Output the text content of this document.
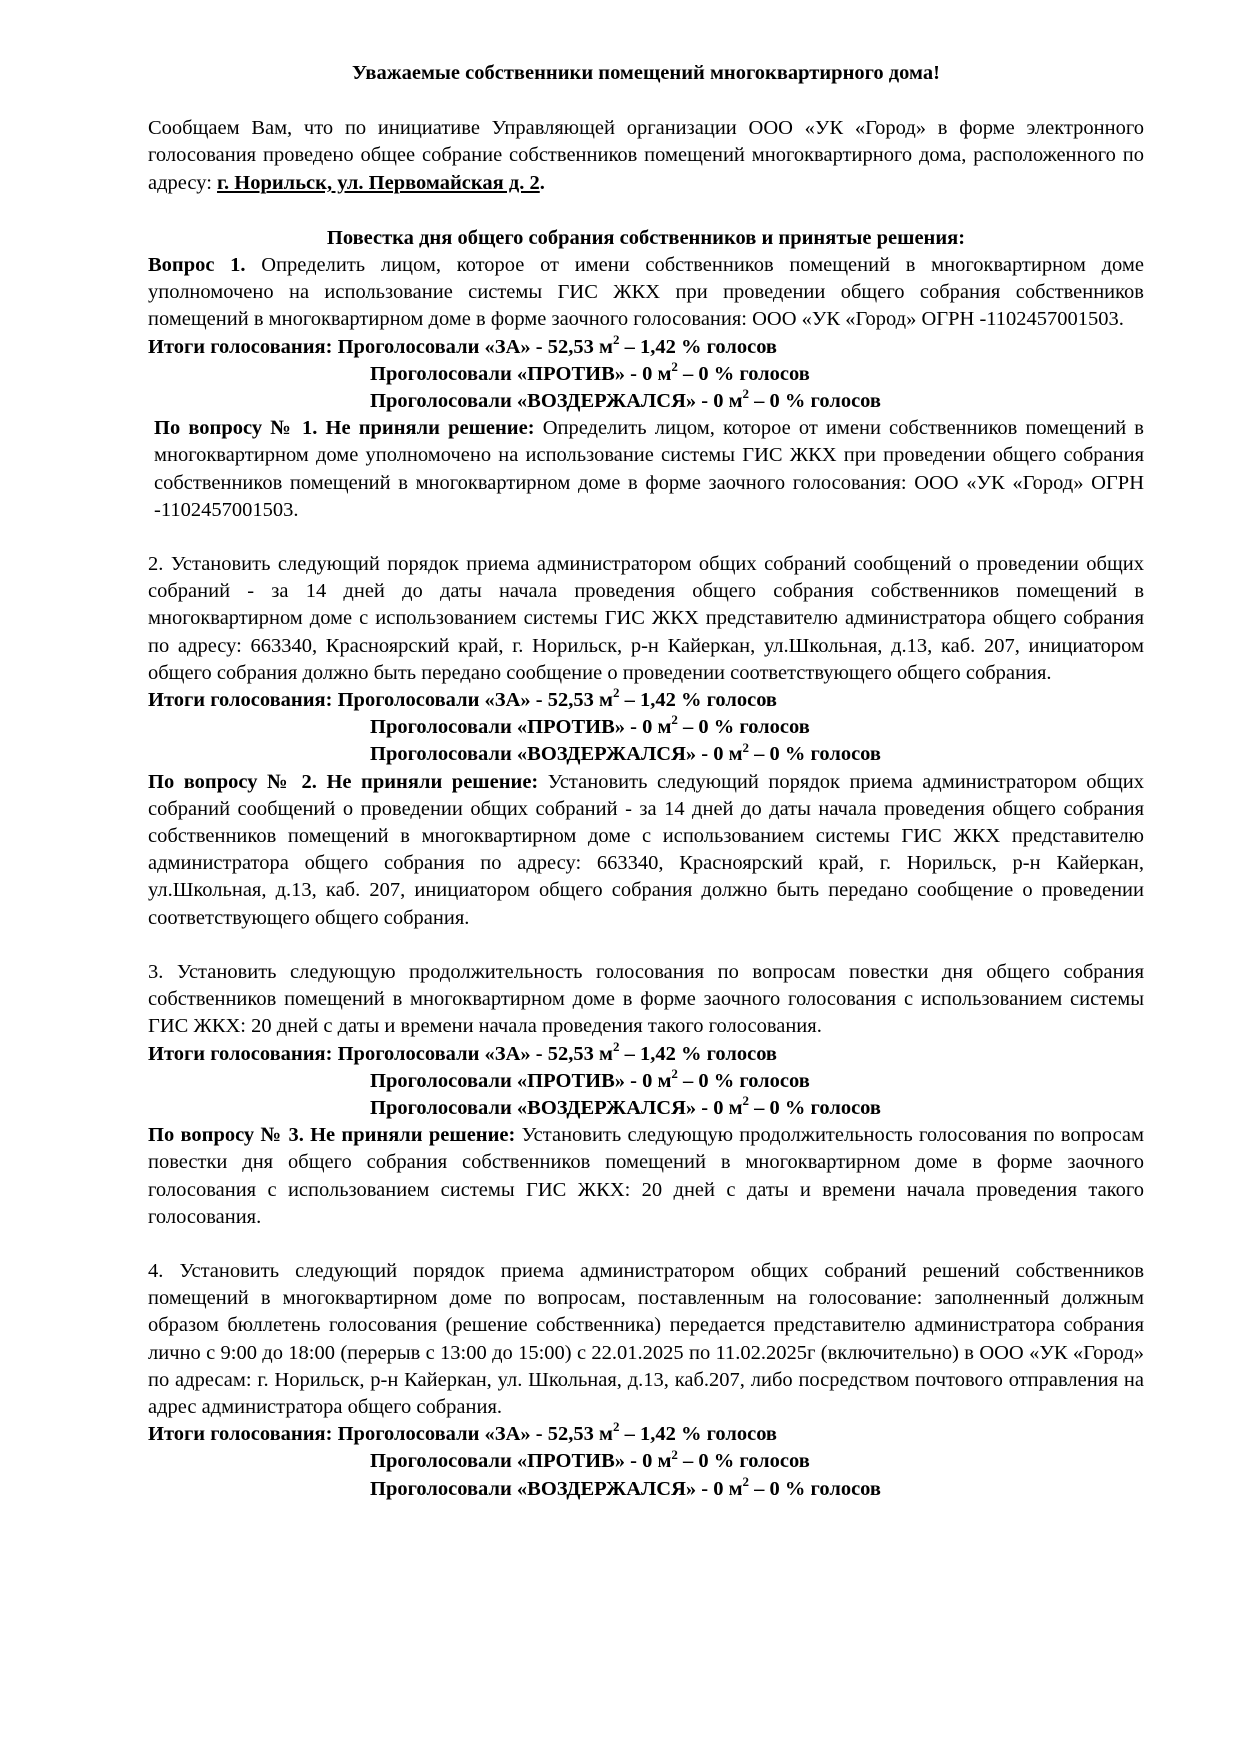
Уважаемые собственники помещений многоквартирного дома!

Сообщаем Вам, что по инициативе Управляющей организации ООО «УК «Город» в форме электронного голосования проведено общее собрание собственников помещений многоквартирного дома, расположенного по адресу: г. Норильск, ул. Первомайская д. 2.

Повестка дня общего собрания собственников и принятые решения:

Вопрос 1. Определить лицом, которое от имени собственников помещений в многоквартирном доме уполномочено на использование системы ГИС ЖКХ при проведении общего собрания собственников помещений в многоквартирном доме в форме заочного голосования: ООО «УК «Город» ОГРН -1102457001503.

Итоги голосования: Проголосовали «ЗА» - 52,53 $м^2 - 1,42$ % голосов

Проголосовали «ПРОТИВ» - 0 $м^2 - 0$ % голосов

Проголосовали «ВОЗДЕРЖАЛСЯ» - 0 $м^2 - 0$ % голосов

По вопросу № 1. Не приняли решение: Определить лицом, которое от имени собственников помещений в многоквартирном доме уполномочено на использование системы ГИС ЖКХ при проведении общего собрания собственников помещений в многоквартирном доме в форме заочного голосования: ООО «УК «Город» ОГРН -1102457001503.

2. Установить следующий порядок приема администратором общих собраний сообщений о проведении общих собраний - за 14 дней до даты начала проведения общего собрания собственников помещений в многоквартирном доме с использованием системы ГИС ЖКХ представителю администратора общего собрания по адресу: 663340, Красноярский край, г. Норильск, р-н Кайеркан, ул.Школьная, д.13, каб. 207, инициатором общего собрания должно быть передано сообщение о проведении соответствующего общего собрания.

Итоги голосования: Проголосовали «ЗА» - 52,53 $м^2 - 1,42$ % голосов

Проголосовали «ПРОТИВ» - 0 $м^2 - 0$ % голосов

Проголосовали «ВОЗДЕРЖАЛСЯ» - 0 $м^2 - 0$ % голосов

По вопросу № 2. Не приняли решение: Установить следующий порядок приема администратором общих собраний сообщений о проведении общих собраний - за 14 дней до даты начала проведения общего собрания собственников помещений в многоквартирном доме с использованием системы ГИС ЖКХ представителю администратора общего собрания по адресу: 663340, Красноярский край, г. Норильск, р-н Кайеркан, ул.Школьная, д.13, каб. 207, инициатором общего собрания должно быть передано сообщение о проведении соответствующего общего собрания.

3. Установить следующую продолжительность голосования по вопросам повестки дня общего собрания собственников помещений в многоквартирном доме в форме заочного голосования с использованием системы ГИС ЖКХ: 20 дней с даты и времени начала проведения такого голосования.

Итоги голосования: Проголосовали «ЗА» - 52,53 $м^2 - 1,42$ % голосов

Проголосовали «ПРОТИВ» - 0 $м^2 - 0$ % голосов

Проголосовали «ВОЗДЕРЖАЛСЯ» - 0 $м^2 - 0$ % голосов

По вопросу № 3. Не приняли решение: Установить следующую продолжительность голосования по вопросам повестки дня общего собрания собственников помещений в многоквартирном доме в форме заочного голосования с использованием системы ГИС ЖКХ: 20 дней с даты и времени начала проведения такого голосования.

4. Установить следующий порядок приема администратором общих собраний решений собственников помещений в многоквартирном доме по вопросам, поставленным на голосование: заполненный должным образом бюллетень голосования (решение собственника) передается представителю администратора собрания лично с 9:00 до 18:00 (перерыв с 13:00 до 15:00) с 22.01.2025 по 11.02.2025г (включительно) в ООО «УК «Город» по адресам: г. Норильск, р-н Кайеркан, ул. Школьная, д.13, каб.207, либо посредством почтового отправления на адрес администратора общего собрания.

Итоги голосования: Проголосовали «ЗА» - 52,53 $м^2 - 1,42$ % голосов

Проголосовали «ПРОТИВ» - 0 $м^2 - 0$ % голосов

Проголосовали «ВОЗДЕРЖАЛСЯ» - 0 $м^2 - 0$ % голосов
